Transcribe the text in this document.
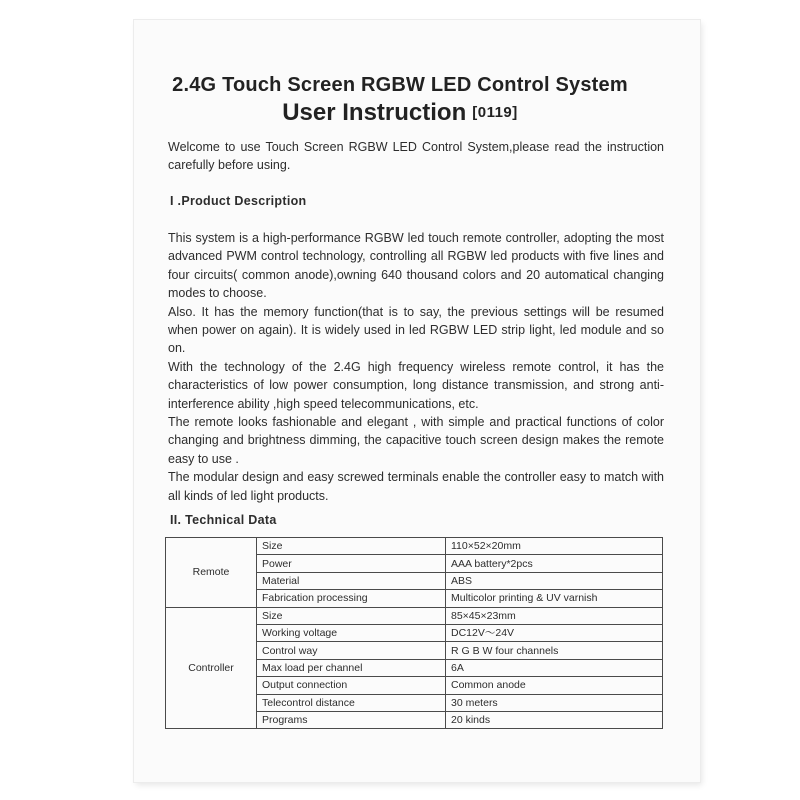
2.4G Touch Screen RGBW LED Control System
User Instruction [0119]
Welcome to use Touch Screen RGBW LED Control System,please read the instruction carefully before using.
I .Product Description

This system is a high-performance RGBW led touch remote controller, adopting the most advanced PWM control technology, controlling all RGBW led products with five lines and four circuits( common anode),owning 640 thousand colors and 20 automatical changing modes to choose.

Also. It has the memory function(that is to say, the previous settings will be resumed when power on again). It is widely used in led RGBW LED strip light, led module and so on.

With the technology of the 2.4G high frequency wireless remote control, it has the characteristics of low power consumption, long distance transmission, and strong anti-interference ability ,high speed telecommunications, etc.

The remote looks fashionable and elegant , with simple and practical functions of color changing and brightness dimming, the capacitive touch screen design makes the remote easy to use .

The modular design and easy screwed terminals enable the controller easy to match with all kinds of led light products.

II. Technical Data
Remote	Size	110×52×20mm
	Power	AAA battery*2pcs
	Material	ABS
	Fabrication processing	Multicolor printing & UV varnish
Controller	Size	85×45×23mm
	Working voltage	DC12V～24V
	Control way	R G B W four channels
	Max load per channel	6A
	Output connection	Common anode
	Telecontrol distance	30 meters
	Programs	20 kinds
